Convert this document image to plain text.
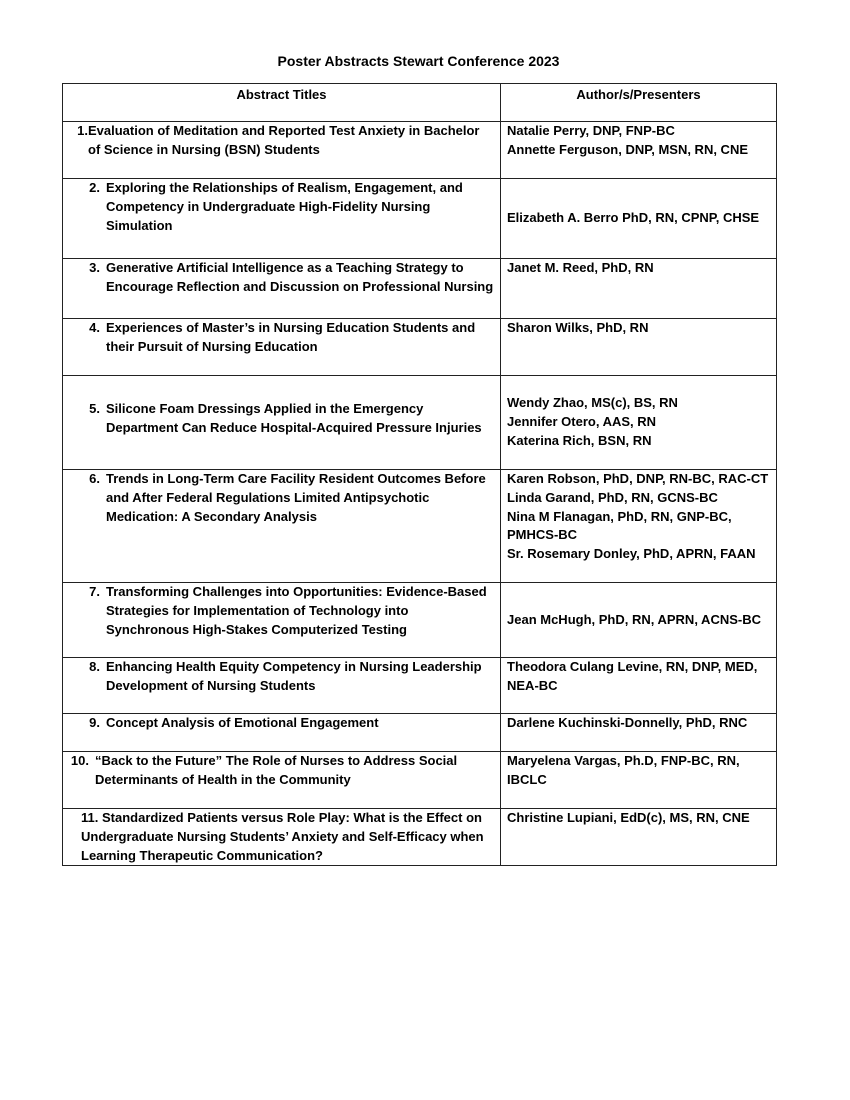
Poster Abstracts Stewart Conference 2023
Abstract Titles	Author/s/Presenters

1. Evaluation of Meditation and Reported Test Anxiety in Bachelor of Science in Nursing (BSN) Students	Natalie Perry, DNP, FNP-BC
Annette Ferguson, DNP, MSN, RN, CNE

2. Exploring the Relationships of Realism, Engagement, and Competency in Undergraduate High-Fidelity Nursing Simulation	Elizabeth A. Berro PhD, RN, CPNP, CHSE

3. Generative Artificial Intelligence as a Teaching Strategy to Encourage Reflection and Discussion on Professional Nursing	Janet M. Reed, PhD, RN

4. Experiences of Master’s in Nursing Education Students and their Pursuit of Nursing Education	Sharon Wilks, PhD, RN

5. Silicone Foam Dressings Applied in the Emergency Department Can Reduce Hospital-Acquired Pressure Injuries	Wendy Zhao, MS(c), BS, RN
Jennifer Otero, AAS, RN
Katerina Rich, BSN, RN

6. Trends in Long-Term Care Facility Resident Outcomes Before and After Federal Regulations Limited Antipsychotic Medication: A Secondary Analysis	Karen Robson, PhD, DNP, RN-BC, RAC-CT
Linda Garand, PhD, RN, GCNS-BC
Nina M Flanagan, PhD, RN, GNP-BC, PMHCS-BC
Sr. Rosemary Donley, PhD, APRN, FAAN

7. Transforming Challenges into Opportunities: Evidence-Based Strategies for Implementation of Technology into Synchronous High-Stakes Computerized Testing	Jean McHugh, PhD, RN, APRN, ACNS-BC

8. Enhancing Health Equity Competency in Nursing Leadership Development of Nursing Students	Theodora Culang Levine, RN, DNP, MED, NEA-BC

9. Concept Analysis of Emotional Engagement	Darlene Kuchinski-Donnelly, PhD, RNC

10. “Back to the Future” The Role of Nurses to Address Social Determinants of Health in the Community	Maryelena Vargas, Ph.D, FNP-BC, RN, IBCLC

11. Standardized Patients versus Role Play: What is the Effect on Undergraduate Nursing Students’ Anxiety and Self-Efficacy when Learning Therapeutic Communication?	Christine Lupiani, EdD(c), MS, RN, CNE
